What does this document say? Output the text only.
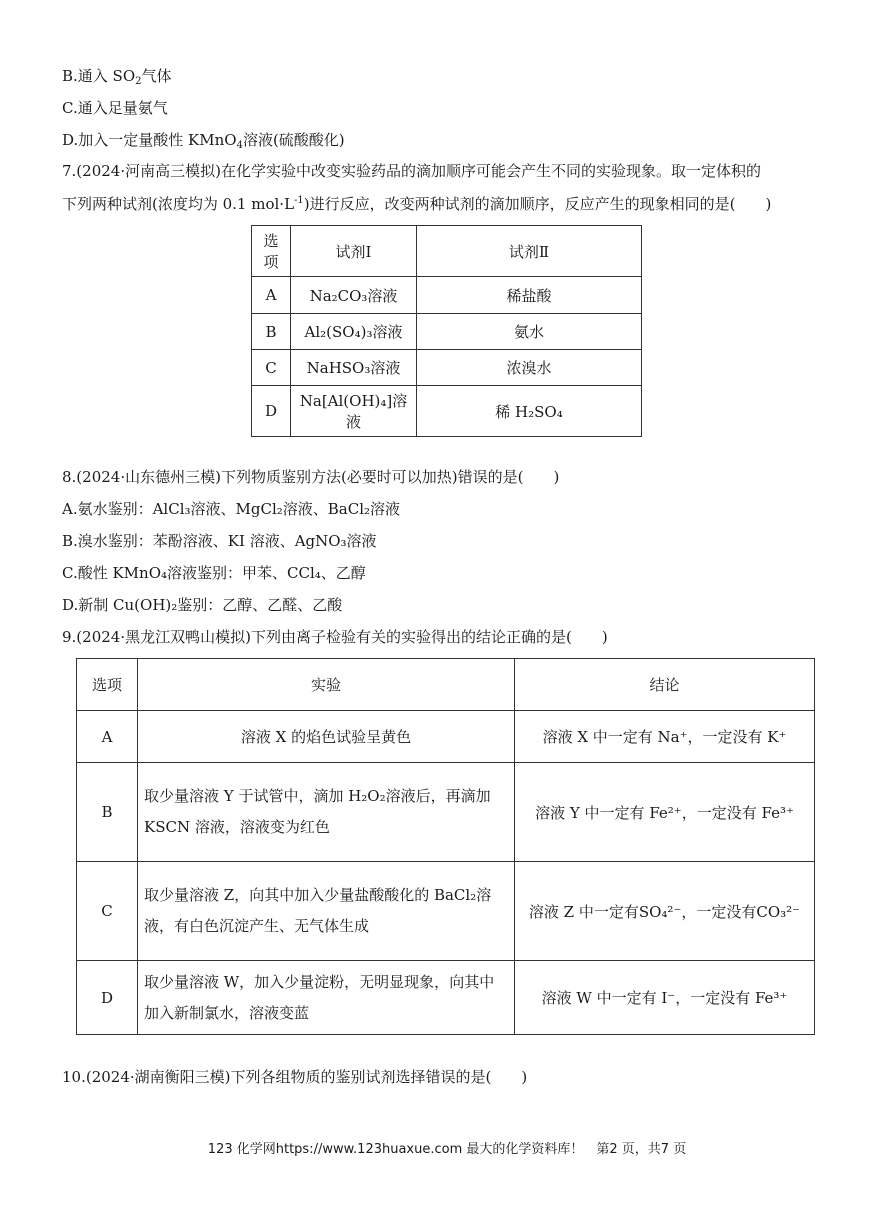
B.通入 $SO_2$气体
C.通入足量氨气
D.加入一定量酸性 KMnO$_4$溶液(硫酸酸化)
7.(2024·河南高三模拟)在化学实验中改变实验药品的滴加顺序可能会产生不同的实验现象。取一定体积的
下列两种试剂(浓度均为 0.1 $mol\cdot L^{-1}$)进行反应，改变两种试剂的滴加顺序，反应产生的现象相同的是(　　)
选项	试剂Ⅰ	试剂Ⅱ
A	Na₂CO₃溶液	稀盐酸
B	Al₂(SO₄)₃溶液	氨水
C	NaHSO₃溶液	浓溴水
D	Na[Al(OH)₄]溶液	稀 H₂SO₄
8.(2024·山东德州三模)下列物质鉴别方法(必要时可以加热)错误的是(　　)
A.氨水鉴别：AlCl₃溶液、MgCl₂溶液、BaCl₂溶液
B.溴水鉴别：苯酚溶液、KI 溶液、AgNO₃溶液
C.酸性 KMnO₄溶液鉴别：甲苯、CCl₄、乙醇
D.新制 Cu(OH)₂鉴别：乙醇、乙醛、乙酸
9.(2024·黑龙江双鸭山模拟)下列由离子检验有关的实验得出的结论正确的是(　　)
选项	实验	结论
A	溶液 X 的焰色试验呈黄色	溶液 X 中一定有 Na⁺，一定没有 K⁺
B	取少量溶液 Y 于试管中，滴加 H₂O₂溶液后，再滴加 KSCN 溶液，溶液变为红色	溶液 Y 中一定有 Fe²⁺，一定没有 Fe³⁺
C	取少量溶液 Z，向其中加入少量盐酸酸化的 BaCl₂溶液，有白色沉淀产生、无气体生成	溶液 Z 中一定有SO₄²⁻，一定没有CO₃²⁻
D	取少量溶液 W，加入少量淀粉，无明显现象，向其中加入新制氯水，溶液变蓝	溶液 W 中一定有 I⁻，一定没有 Fe³⁺
10.(2024·湖南衡阳三模)下列各组物质的鉴别试剂选择错误的是(　　)
123 化学网https://www.123huaxue.com 最大的化学资料库！　第2 页，共7 页
